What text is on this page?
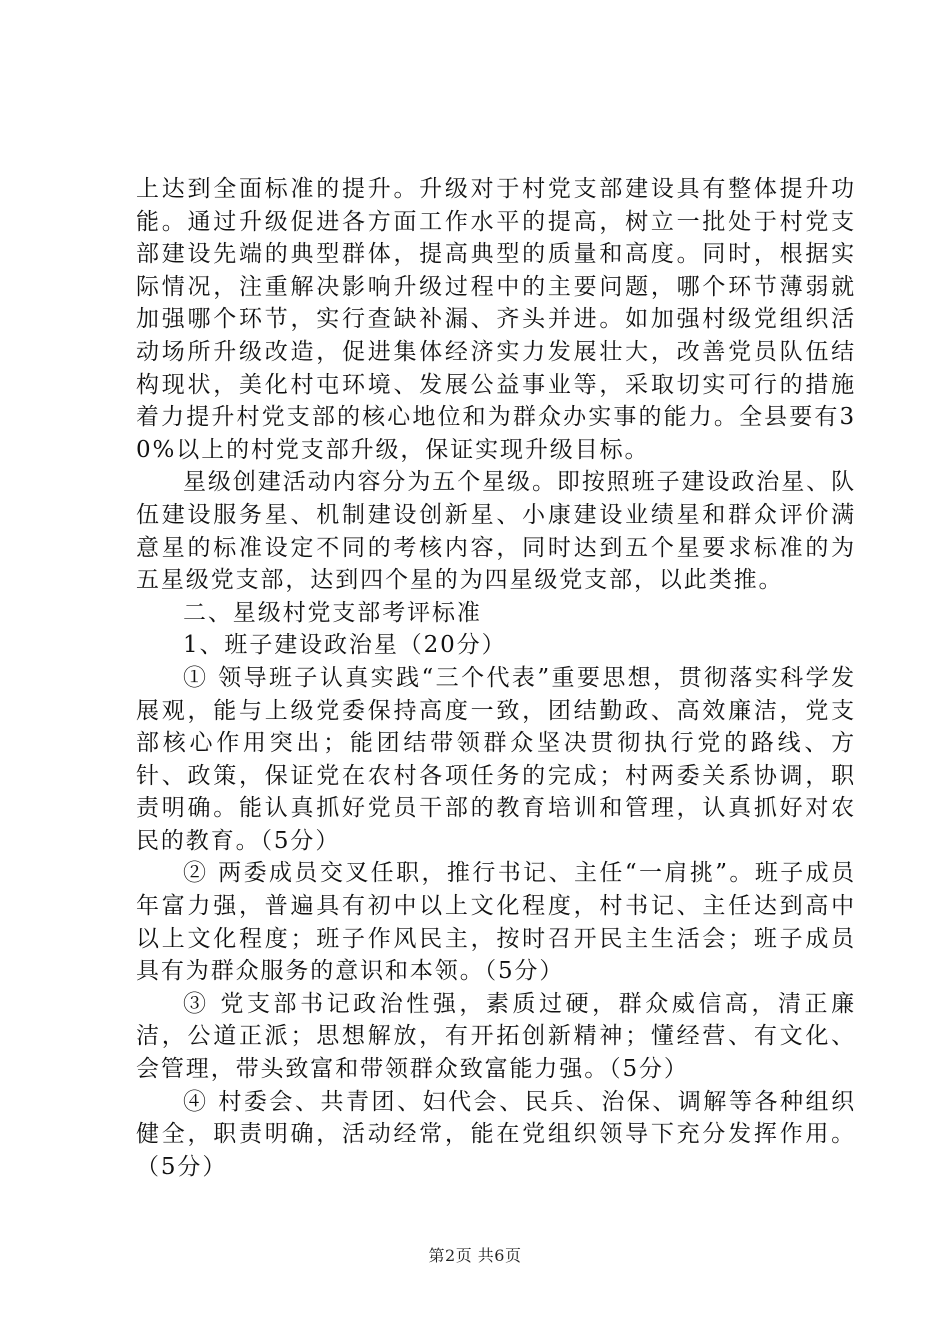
上达到全面标准的提升。升级对于村党支部建设具有整体提升功能。通过升级促进各方面工作水平的提高，树立一批处于村党支部建设先端的典型群体，提高典型的质量和高度。同时，根据实际情况，注重解决影响升级过程中的主要问题，哪个环节薄弱就加强哪个环节，实行查缺补漏、齐头并进。如加强村级党组织活动场所升级改造，促进集体经济实力发展壮大，改善党员队伍结构现状，美化村屯环境、发展公益事业等，采取切实可行的措施着力提升村党支部的核心地位和为群众办实事的能力。全县要有30%以上的村党支部升级，保证实现升级目标。

星级创建活动内容分为五个星级。即按照班子建设政治星、队伍建设服务星、机制建设创新星、小康建设业绩星和群众评价满意星的标准设定不同的考核内容，同时达到五个星要求标准的为五星级党支部，达到四个星的为四星级党支部，以此类推。

二、星级村党支部考评标准

1、班子建设政治星（20分）

① 领导班子认真实践“三个代表”重要思想，贯彻落实科学发展观，能与上级党委保持高度一致，团结勤政、高效廉洁，党支部核心作用突出；能团结带领群众坚决贯彻执行党的路线、方针、政策，保证党在农村各项任务的完成；村两委关系协调，职责明确。能认真抓好党员干部的教育培训和管理，认真抓好对农民的教育。（5分）

② 两委成员交叉任职，推行书记、主任“一肩挑”。班子成员年富力强，普遍具有初中以上文化程度，村书记、主任达到高中以上文化程度；班子作风民主，按时召开民主生活会；班子成员具有为群众服务的意识和本领。（5分）

③ 党支部书记政治性强，素质过硬，群众威信高，清正廉洁，公道正派；思想解放，有开拓创新精神；懂经营、有文化、会管理，带头致富和带领群众致富能力强。（5分）

④ 村委会、共青团、妇代会、民兵、治保、调解等各种组织健全，职责明确，活动经常，能在党组织领导下充分发挥作用。（5分）

第2页 共6页
